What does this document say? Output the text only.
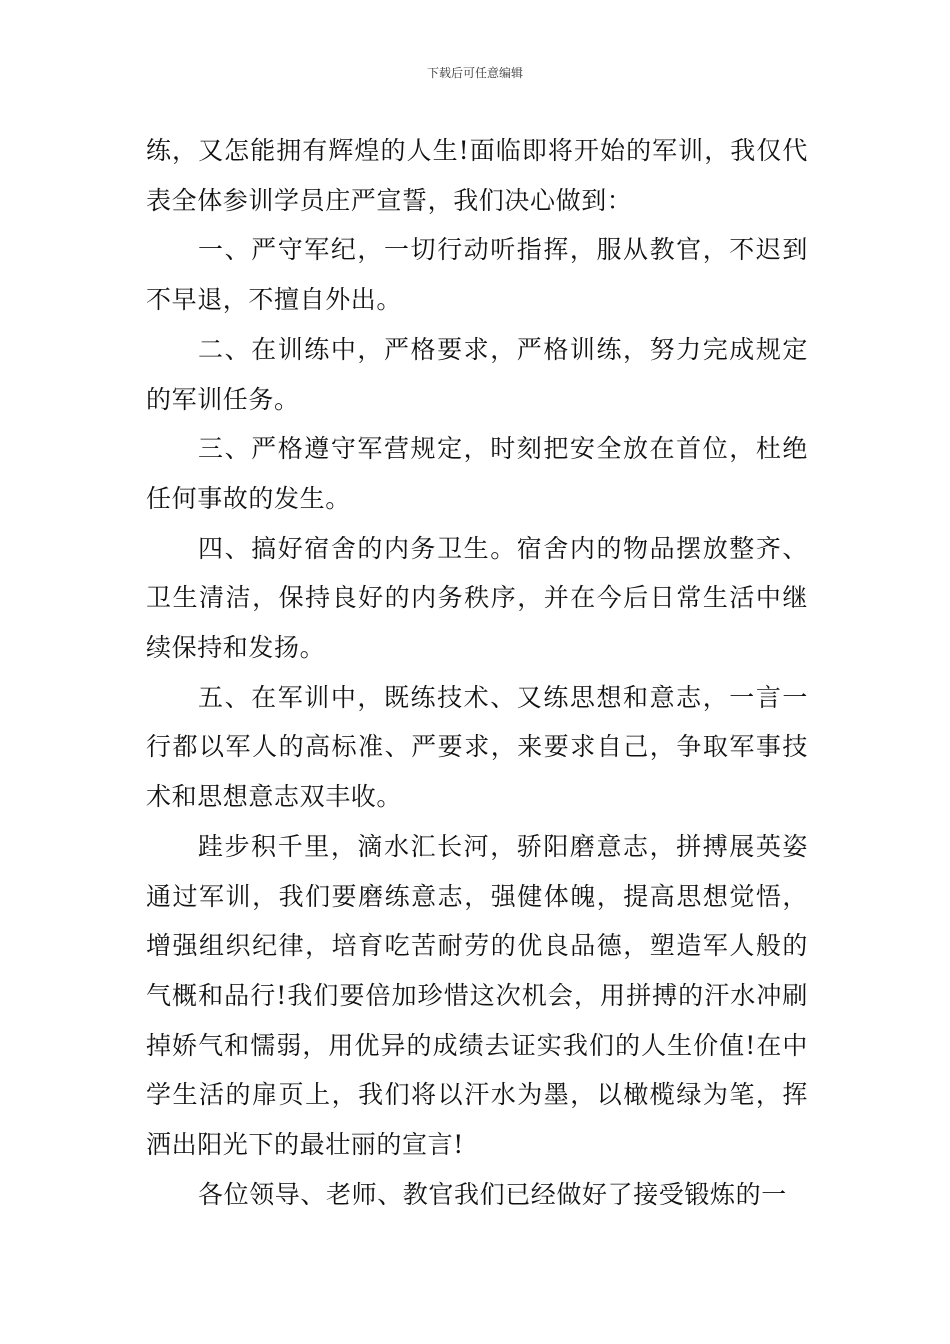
下载后可任意编辑

练，又怎能拥有辉煌的人生!面临即将开始的军训，我仅代表全体参训学员庄严宣誓，我们决心做到：

一、严守军纪，一切行动听指挥，服从教官，不迟到不早退，不擅自外出。

二、在训练中，严格要求，严格训练，努力完成规定的军训任务。

三、严格遵守军营规定，时刻把安全放在首位，杜绝任何事故的发生。

四、搞好宿舍的内务卫生。宿舍内的物品摆放整齐、卫生清洁，保持良好的内务秩序，并在今后日常生活中继续保持和发扬。

五、在军训中，既练技术、又练思想和意志，一言一行都以军人的高标准、严要求，来要求自己，争取军事技术和思想意志双丰收。

跬步积千里，滴水汇长河，骄阳磨意志，拼搏展英姿通过军训，我们要磨练意志，强健体魄，提高思想觉悟，增强组织纪律，培育吃苦耐劳的优良品德，塑造军人般的气概和品行!我们要倍加珍惜这次机会，用拼搏的汗水冲刷掉娇气和懦弱，用优异的成绩去证实我们的人生价值!在中学生活的扉页上，我们将以汗水为墨，以橄榄绿为笔，挥洒出阳光下的最壮丽的宣言!

各位领导、老师、教官我们已经做好了接受锻炼的一
